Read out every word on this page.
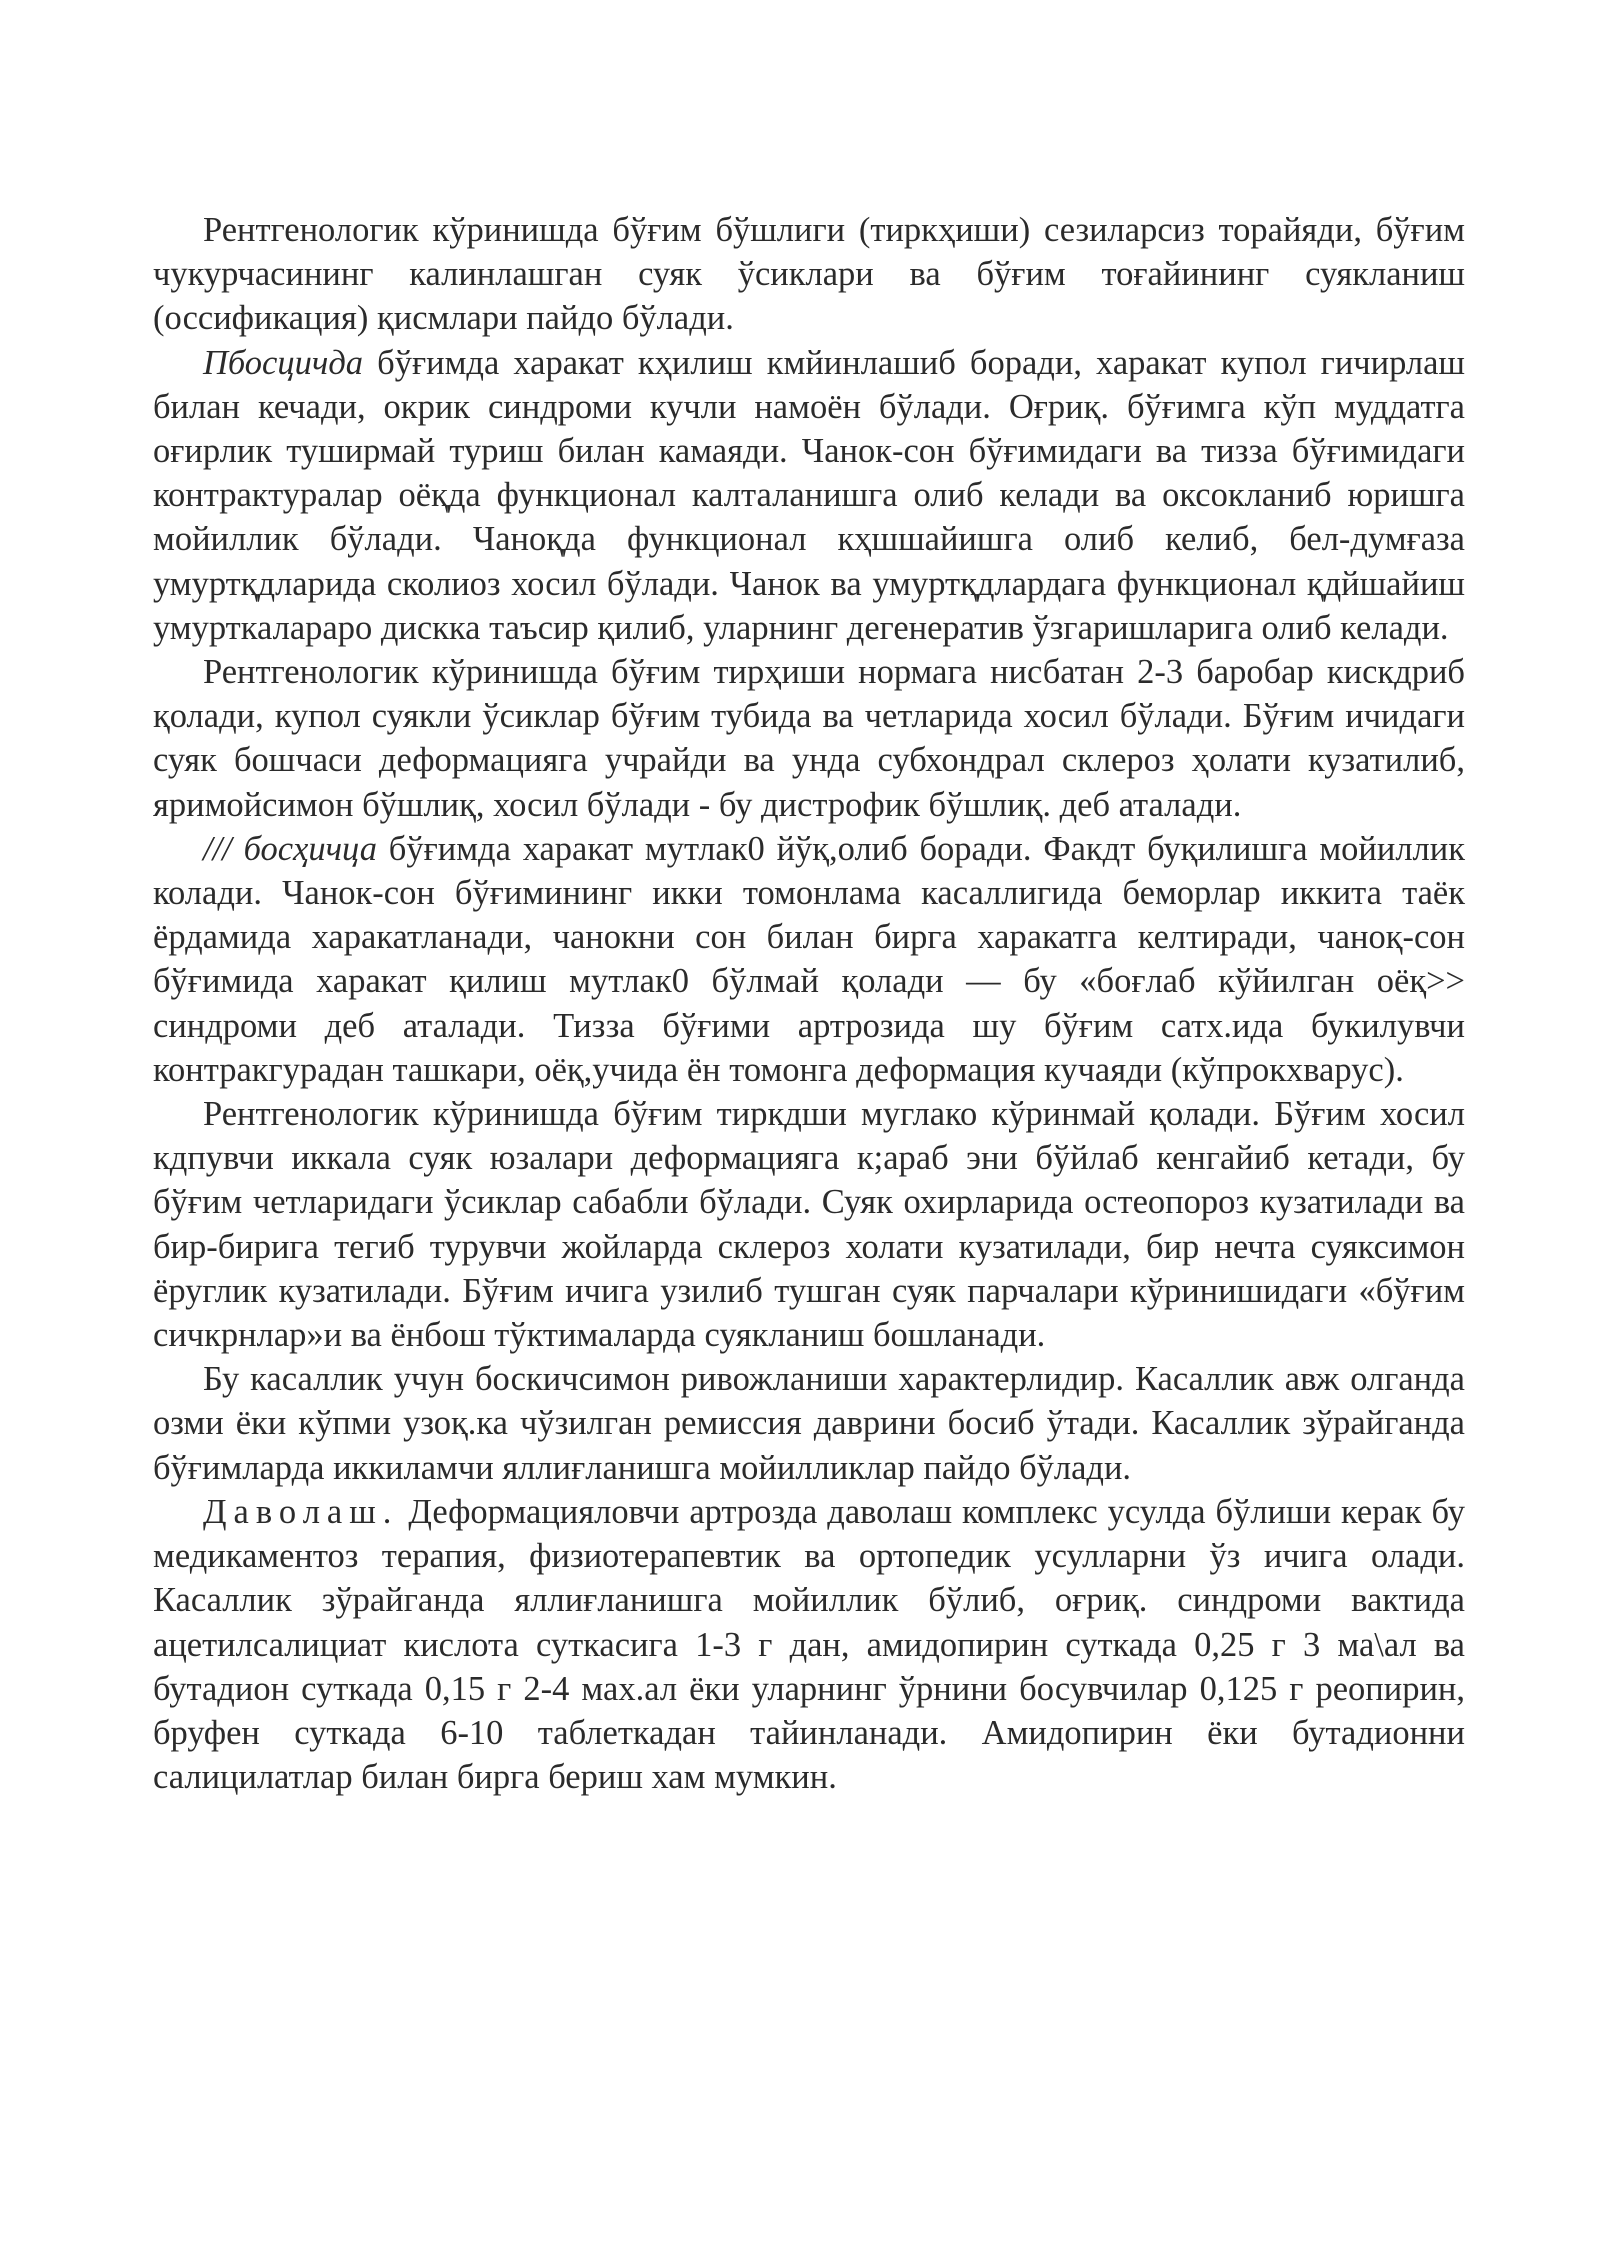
Рентгенологик кўринишда бўғим бўшлиги (тиркҳиши) сезиларсиз торайяди, бўғим чукурчасининг калинлашган суяк ўсиклари ва бўғим тоғайининг суякланиш (оссификация) қисмлари пайдо бўлади.

Пбосцичда бўғимда харакат кҳилиш кмйинлашиб боради, харакат купол гичирлаш билан кечади, окрик синдроми кучли намоён бўлади. Оғриқ. бўғимга кўп муддатга оғирлик туширмай туриш билан камаяди. Чанок-сон бўғимидаги ва тизза бўғимидаги контрактуралар оёқда функционал калталанишга олиб келади ва оксокланиб юришга мойиллик бўлади. Чаноқда функционал кҳшшайишга олиб келиб, бел-думғаза умуртқдларида сколиоз хосил бўлади. Чанок ва умуртқдлардага функционал қдйшайиш умурткалараро дискка таъсир қилиб, уларнинг дегенератив ўзгаришларига олиб келади.

Рентгенологик кўринишда бўғим тирҳиши нормага нисбатан 2-3 баробар кискдриб қолади, купол суякли ўсиклар бўғим тубида ва четларида хосил бўлади. Бўғим ичидаги суяк бошчаси деформацияга учрайди ва унда субхондрал склероз ҳолати кузатилиб, яримойсимон бўшлиқ, хосил бўлади - бу дистрофик бўшлиқ. деб аталади.

/// босҳичца бўғимда харакат мутлак0 йўқ,олиб боради. Факдт буқилишга мойиллик колади. Чанок-сон бўғимининг икки томонлама касаллигида беморлар иккита таёк ёрдамида харакатланади, чанокни сон билан бирга харакатга келтиради, чаноқ-сон бўғимида харакат қилиш мутлак0 бўлмай қолади — бу «боғлаб кўйилган оёқ>> синдроми деб аталади. Тизза бўғими артрозида шу бўғим сатх.ида букилувчи контракгурадан ташкари, оёқ,учида ён томонга деформация кучаяди (кўпрокхварус).

Рентгенологик кўринишда бўғим тиркдши муглако кўринмай қолади. Бўғим хосил кдпувчи иккала суяк юзалари деформацияга к;араб эни бўйлаб кенгайиб кетади, бу бўғим четларидаги ўсиклар сабабли бўлади. Суяк охирларида остеопороз кузатилади ва бир-бирига тегиб турувчи жойларда склероз холати кузатилади, бир нечта суяксимон ёруглик кузатилади. Бўғим ичига узилиб тушган суяк парчалари кўринишидаги «бўғим сичкрнлар»и ва ёнбош тўктималарда суякланиш бошланади.

Бу касаллик учун боскичсимон ривожланиши характерлидир. Касаллик авж олганда озми ёки кўпми узоқ.ка чўзилган ремиссия даврини босиб ўтади. Касаллик зўрайганда бўғимларда иккиламчи яллиғланишга мойилликлар пайдо бўлади.

Даволаш. Деформацияловчи артрозда даволаш комплекс усулда бўлиши керак бу медикаментоз терапия, физиотерапевтик ва ортопедик усулларни ўз ичига олади. Касаллик зўрайганда яллиғланишга мойиллик бўлиб, оғриқ. синдроми вактида ацетилсалициат кислота суткасига 1-3 г дан, амидопирин суткада 0,25 г 3 ма\ал ва бутадион суткада 0,15 г 2-4 мах.ал ёки уларнинг ўрнини босувчилар 0,125 г реопирин, бруфен суткада 6-10 таблеткадан тайинланади. Амидопирин ёки бутадионни салицилатлар билан бирга бериш хам мумкин.
